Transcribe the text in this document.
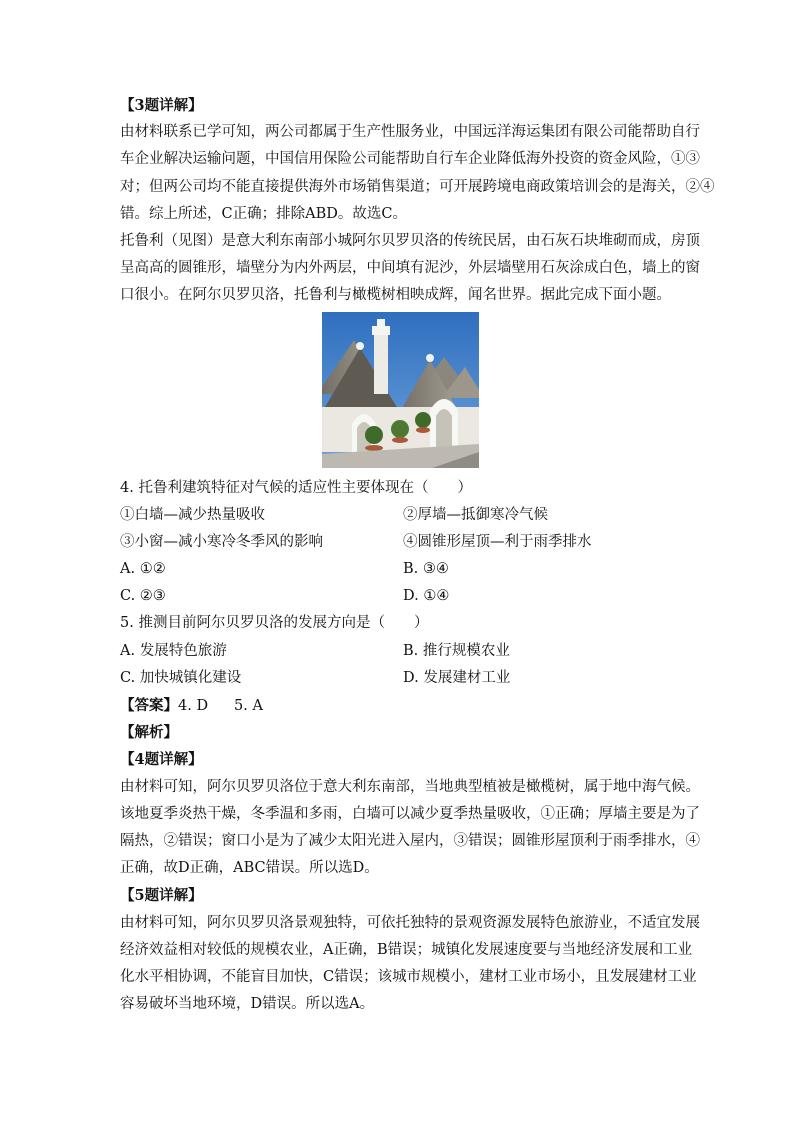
【3题详解】
由材料联系已学可知，两公司都属于生产性服务业，中国远洋海运集团有限公司能帮助自行
车企业解决运输问题，中国信用保险公司能帮助自行车企业降低海外投资的资金风险，①③
对；但两公司均不能直接提供海外市场销售渠道；可开展跨境电商政策培训会的是海关，②④
错。综上所述，C正确；排除ABD。故选C。
托鲁利（见图）是意大利东南部小城阿尔贝罗贝洛的传统民居，由石灰石块堆砌而成，房顶
呈高高的圆锥形，墙壁分为内外两层，中间填有泥沙，外层墙壁用石灰涂成白色，墙上的窗
口很小。在阿尔贝罗贝洛，托鲁利与橄榄树相映成辉，闻名世界。据此完成下面小题。
4. 托鲁利建筑特征对气候的适应性主要体现在（　　）
①白墙—减少热量吸收	②厚墙—抵御寒冷气候
③小窗—减小寒冷冬季风的影响	④圆锥形屋顶—利于雨季排水
A. ①②	B. ③④
C. ②③	D. ①④
5. 推测目前阿尔贝罗贝洛的发展方向是（　　）
A. 发展特色旅游	B. 推行规模农业
C. 加快城镇化建设	D. 发展建材工业
【答案】4. D 5. A
【解析】
【4题详解】
由材料可知，阿尔贝罗贝洛位于意大利东南部，当地典型植被是橄榄树，属于地中海气候。
该地夏季炎热干燥，冬季温和多雨，白墙可以减少夏季热量吸收，①正确；厚墙主要是为了
隔热，②错误；窗口小是为了减少太阳光进入屋内，③错误；圆锥形屋顶利于雨季排水，④
正确，故D正确，ABC错误。所以选D。
【5题详解】
由材料可知，阿尔贝罗贝洛景观独特，可依托独特的景观资源发展特色旅游业，不适宜发展
经济效益相对较低的规模农业，A正确，B错误；城镇化发展速度要与当地经济发展和工业
化水平相协调，不能盲目加快，C错误；该城市规模小，建材工业市场小，且发展建材工业
容易破坏当地环境，D错误。所以选A。
